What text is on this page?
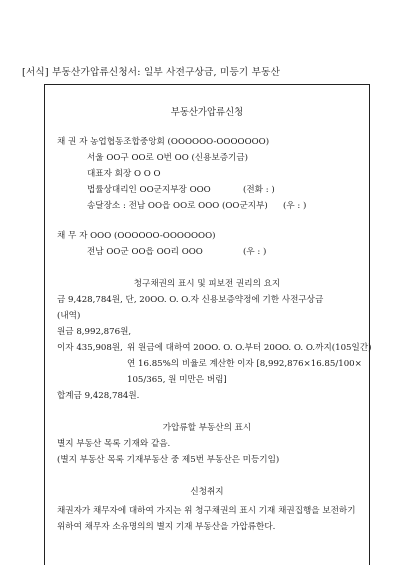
[서식] 부동산가압류신청서: 일부 사전구상금, 미등기 부동산
부동산가압류신청
채 권 자 농업협동조합중앙회 (OOOOOO-OOOOOOO)
서울 OO구 OO로 O번 OO (신용보증기금)
대표자 회장 O O O
법률상대리인 OO군지부장 OOO	(전화 : )
송달장소 : 전남 OO읍 OO로 OOO (OO군지부) (우 : )
채 무 자 OOO (OOOOOO-OOOOOOO)
전남 OO군 OO읍 OO리 OOO	(우 : )
청구채권의 표시 및 피보전 권리의 요지
금 9,428,784원, 단, 20OO. O. O.자 신용보증약정에 기한 사전구상금
(내역)
원금 8,992,876원,
이자 435,908원, 위 원금에 대하여 20OO. O. O.부터 20OO. O. O.까지(105일간)
연 16.85%의 비율로 계산한 이자 [8,992,876×16.85/100×
105/365, 원 미만은 버림]
합계금 9,428,784원.
가압류할 부동산의 표시
별지 부동산 목록 기재와 같음.
(별지 부동산 목록 기재부동산 중 제5번 부동산은 미등기임)
신청취지
채권자가 채무자에 대하여 가지는 위 청구채권의 표시 기재 채권집행을 보전하기 위하여 채무자 소유명의의 별지 기재 부동산을 가압류한다.
